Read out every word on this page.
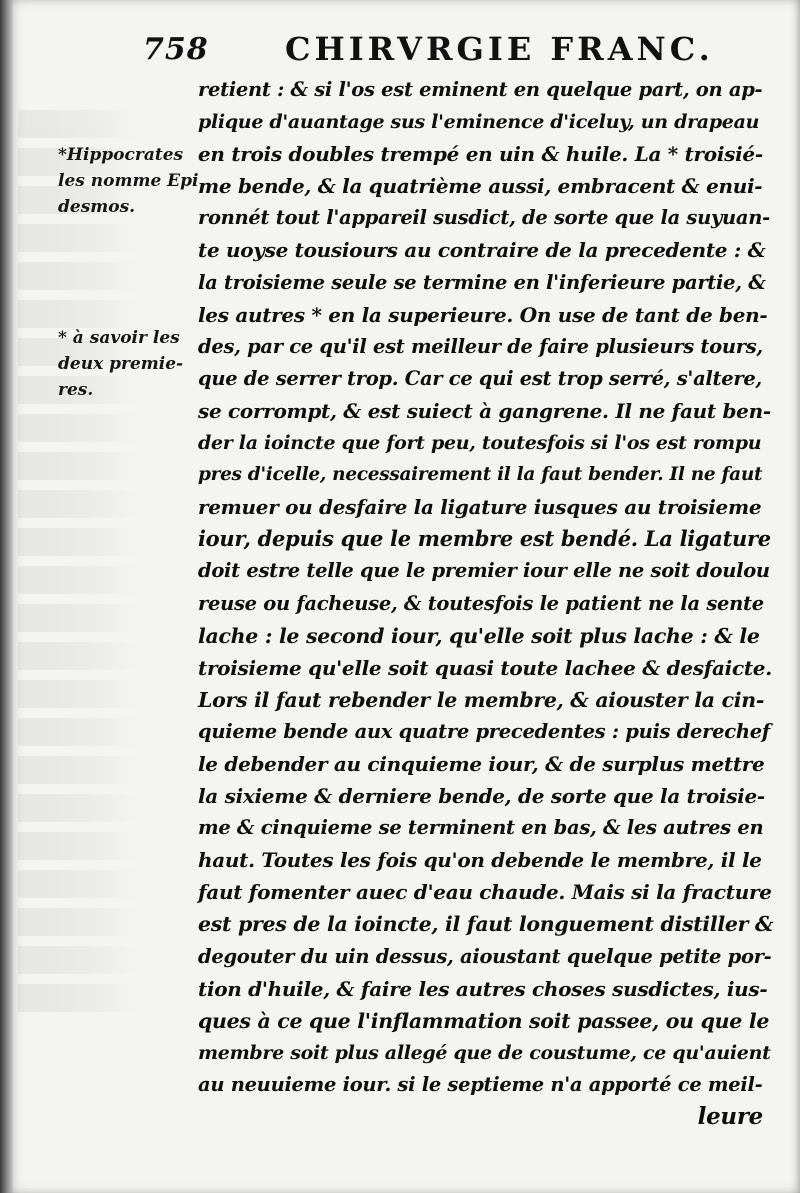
758 CHIRVRGIE FRANC.
*Hippocrates
les nomme Epi
desmos.
* à savoir les
deux premie-
res.
retient : & si l'os est eminent en quelque part, on ap-
plique d'auantage sus l'eminence d'iceluy, un drapeau
en trois doubles trempé en uin & huile. La * troisié-
me bende, & la quatrième aussi, embracent & enui-
ronnét tout l'appareil susdict, de sorte que la suyuan-
te uoyse tousiours au contraire de la precedente : &
la troisieme seule se termine en l'inferieure partie, &
les autres * en la superieure. On use de tant de ben-
des, par ce qu'il est meilleur de faire plusieurs tours,
que de serrer trop. Car ce qui est trop serré, s'altere,
se corrompt, & est suiect à gangrene. Il ne faut ben-
der la ioincte que fort peu, toutesfois si l'os est rompu
pres d'icelle, necessairement il la faut bender. Il ne faut
remuer ou desfaire la ligature iusques au troisieme
iour, depuis que le membre est bendé. La ligature
doit estre telle que le premier iour elle ne soit doulou
reuse ou facheuse, & toutesfois le patient ne la sente
lache : le second iour, qu'elle soit plus lache : & le
troisieme qu'elle soit quasi toute lachee & desfaicte.
Lors il faut rebender le membre, & aiouster la cin-
quieme bende aux quatre precedentes : puis derechef
le debender au cinquieme iour, & de surplus mettre
la sixieme & derniere bende, de sorte que la troisie-
me & cinquieme se terminent en bas, & les autres en
haut. Toutes les fois qu'on debende le membre, il le
faut fomenter auec d'eau chaude. Mais si la fracture
est pres de la ioincte, il faut longuement distiller &
degouter du uin dessus, aioustant quelque petite por-
tion d'huile, & faire les autres choses susdictes, ius-
ques à ce que l'inflammation soit passee, ou que le
membre soit plus allegé que de coustume, ce qu'auient
au neuuieme iour. si le septieme n'a apporté ce meil-
leure
